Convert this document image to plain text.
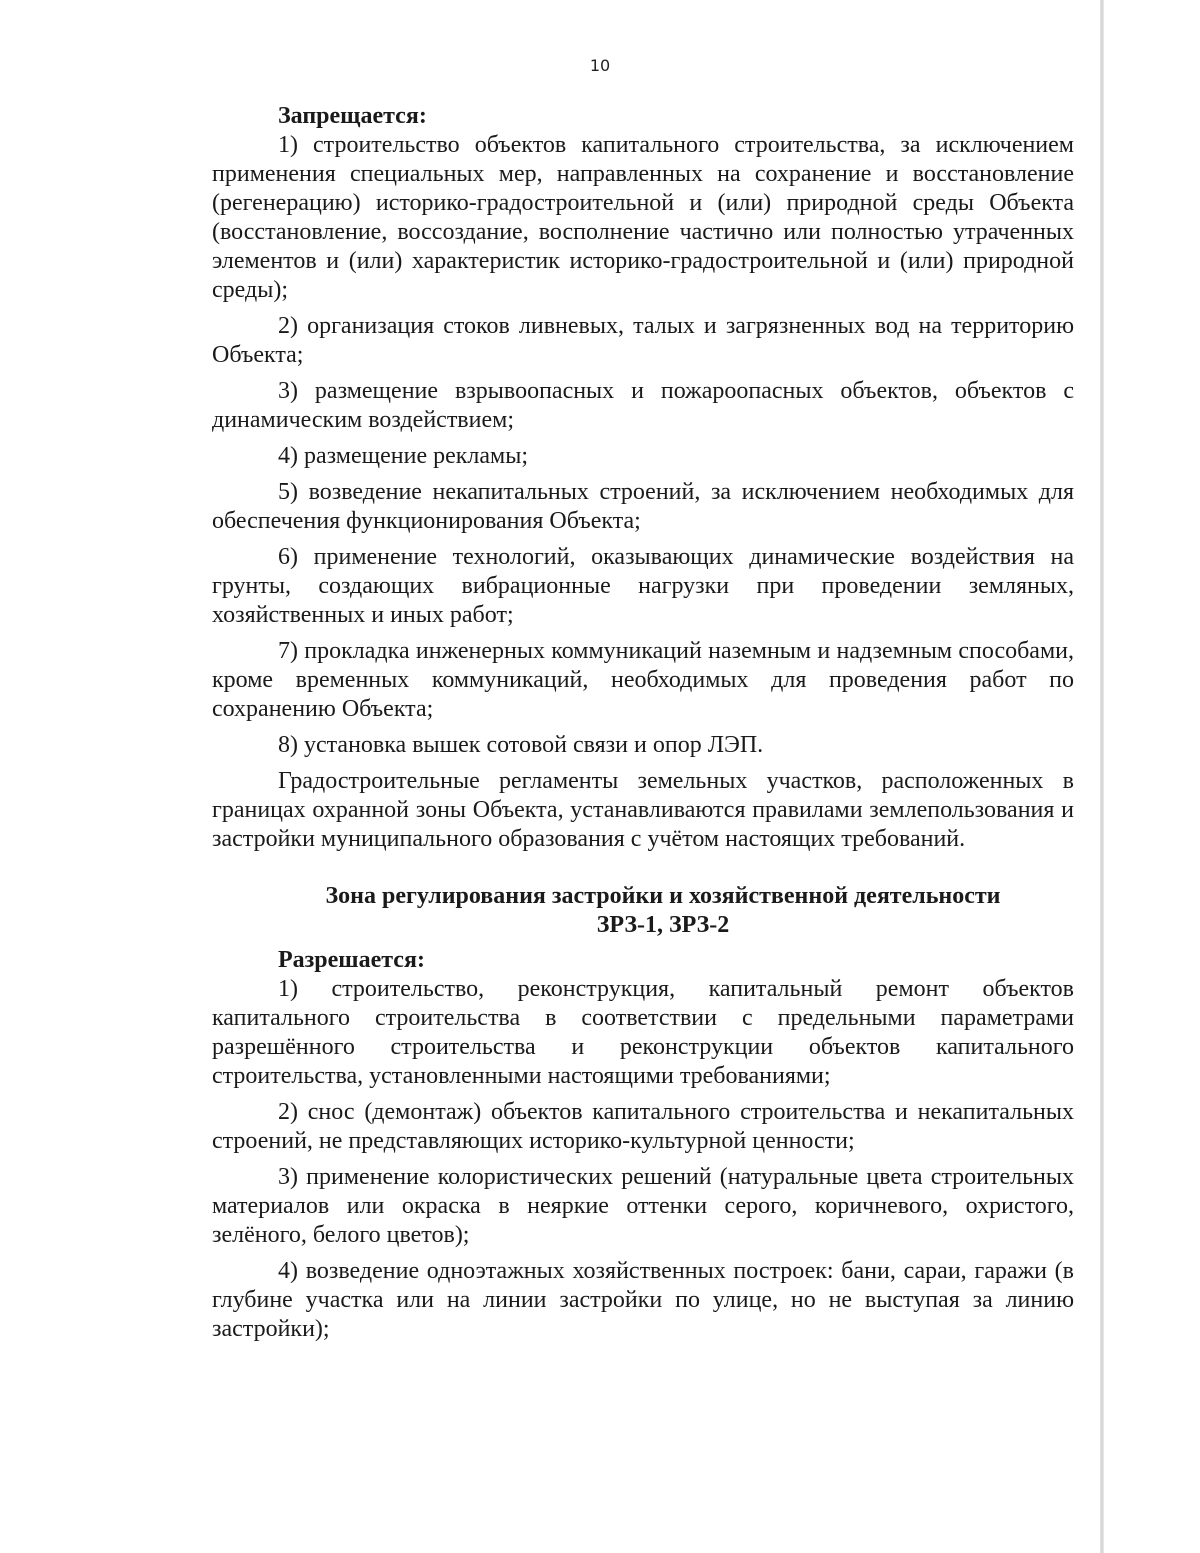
10

Запрещается:

1) строительство объектов капитального строительства, за исключением применения специальных мер, направленных на сохранение и восстановление (регенерацию) историко-градостроительной и (или) природной среды Объекта (восстановление, воссоздание, восполнение частично или полностью утраченных элементов и (или) характеристик историко-градостроительной и (или) природной среды);

2) организация стоков ливневых, талых и загрязненных вод на территорию Объекта;

3) размещение взрывоопасных и пожароопасных объектов, объектов с динамическим воздействием;

4) размещение рекламы;

5) возведение некапитальных строений, за исключением необходимых для обеспечения функционирования Объекта;

6) применение технологий, оказывающих динамические воздействия на грунты, создающих вибрационные нагрузки при проведении земляных, хозяйственных и иных работ;

7) прокладка инженерных коммуникаций наземным и надземным способами, кроме временных коммуникаций, необходимых для проведения работ по сохранению Объекта;

8) установка вышек сотовой связи и опор ЛЭП.

Градостроительные регламенты земельных участков, расположенных в границах охранной зоны Объекта, устанавливаются правилами землепользования и застройки муниципального образования с учётом настоящих требований.

Зона регулирования застройки и хозяйственной деятельности

ЗРЗ-1, ЗРЗ-2

Разрешается:

1) строительство, реконструкция, капитальный ремонт объектов капитального строительства в соответствии с предельными параметрами разрешённого строительства и реконструкции объектов капитального строительства, установленными настоящими требованиями;

2) снос (демонтаж) объектов капитального строительства и некапитальных строений, не представляющих историко-культурной ценности;

3) применение колористических решений (натуральные цвета строительных материалов или окраска в неяркие оттенки серого, коричневого, охристого, зелёного, белого цветов);

4) возведение одноэтажных хозяйственных построек: бани, сараи, гаражи (в глубине участка или на линии застройки по улице, но не выступая за линию застройки);
